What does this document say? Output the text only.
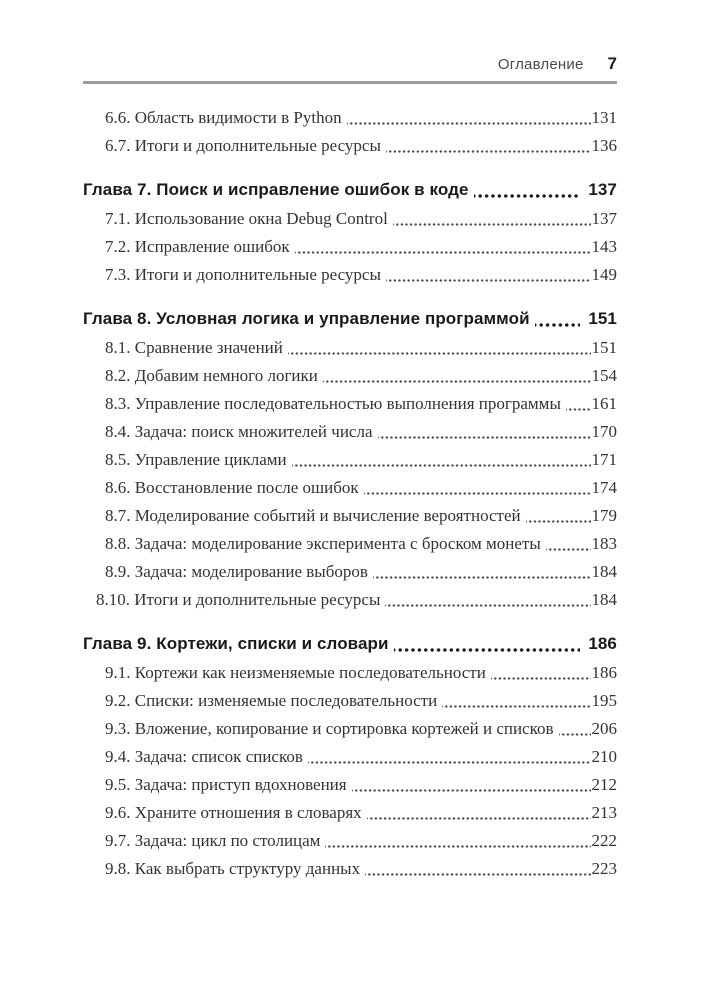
Оглавление 7
6.6. Область видимости в Python	131
6.7. Итоги и дополнительные ресурсы	136
Глава 7. Поиск и исправление ошибок в коде	137
7.1. Использование окна Debug Control	137
7.2. Исправление ошибок	143
7.3. Итоги и дополнительные ресурсы	149
Глава 8. Условная логика и управление программой	151
8.1. Сравнение значений	151
8.2. Добавим немного логики	154
8.3. Управление последовательностью выполнения программы 161
8.4. Задача: поиск множителей числа	170
8.5. Управление циклами	171
8.6. Восстановление после ошибок	174
8.7. Моделирование событий и вычисление вероятностей	179
8.8. Задача: моделирование эксперимента с броском монеты	183
8.9. Задача: моделирование выборов	184
8.10. Итоги и дополнительные ресурсы	184
Глава 9. Кортежи, списки и словари	186
9.1. Кортежи как неизменяемые последовательности	186
9.2. Списки: изменяемые последовательности	195
9.3. Вложение, копирование и сортировка кортежей и списков 206
9.4. Задача: список списков	210
9.5. Задача: приступ вдохновения	212
9.6. Храните отношения в словарях	213
9.7. Задача: цикл по столицам	222
9.8. Как выбрать структуру данных	223
